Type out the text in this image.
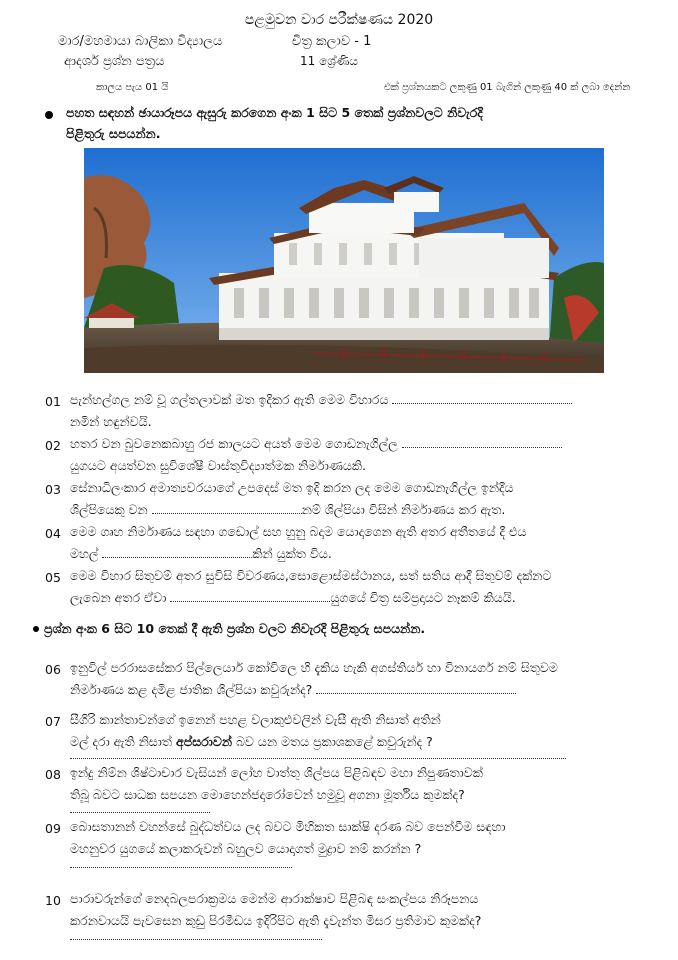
පළමුවන වාර පරීක්ෂණය 2020
මාර/මහමායා බාලිකා විද්‍යාලය	චිත්‍ර කලාව - 1
ආදර්ශ ප්‍රශ්න පත්‍රය	11 ශ්‍රේණිය
කාලය පැය 01 යි	එක් ප්‍රශ්නයකට ලකුණු 01 බැගින් ලකුණු 40 ක් ලබා දෙන්න
පහත සඳහන් ඡායාරූපය ඇසුරු කරගෙන අංක 1 සිට 5 තෙක් ප්‍රශ්නවලට නිවැරදි
පිළිතුරු සපයන්න.
01 පැන්හල්ගල නම් වූ ගල්තලාවක් මත ඉදිකර ඇති මෙම විහාරය
නමින් හඳුන්වයි.
02 හතර වන බුවනෙකබාහු රජ කාලයට අයත් මෙම ගොඩනැගිල්ල
යුගයට අයත්වන සුවිශේෂී වාස්තුවිද්‍යාත්මක නිර්මාණයකි.
03 සේනාධිලංකාර අමාත්‍යවරයාගේ උපදෙස් මත ඉදි කරන ලද මෙම ගොඩනැගිල්ල ඉන්දීය
ශිල්පියෙකු වන	නම් ශිල්පියා විසින් නිර්මාණය කර ඇත.
04 මෙම ගෘහ නිර්මාණය සඳහා ගඩොල් සහ හුනු බදාම යොදාගෙන ඇති අතර අතීතයේ දී එය
මහල්	කින් යුක්ත විය.
05 මෙම විහාර සිතුවම් අතර සුවිසි විවරණය,සොළොස්මස්ථානය, සත් සතිය ආදී සිතුවම් දක්නට
ලැබෙන අතර ඒවා	යුගයේ චිත්‍ර සම්ප්‍රදායට නෑකම් කියයි.
ප්‍රශ්න අංක 6 සිට 10 තෙක් දී ඇති ප්‍රශ්න වලට නිවැරදි පිළිතුරු සපයන්න.
06 ඉනුවිල් පරරාසසේකර පිල්ලෙයාර් කෝවිලෙ හි දැකිය හැකි අගස්තියර් හා විනායගර් නම් සිතුවම
නිර්මාණය කළ දමිළ ජාතික ශිල්පියා කවුරුන්ද?
07 සීගිරි කාන්තාවන්ගේ ඉනෙන් පහළ වලාකුළුවලින් වැසී ඇති නිසාත් අතින්
මල් දරා ඇති නිසාත් අප්සරාවන් බව යන මතය ප්‍රකාශකළේ කවුරුන්ද ?
08 ඉන්දු නිම්න ශිෂ්ටාචාර වැසියන් ලෝහ වාත්තු ශිල්පය පිළිබඳව මහා නිපුණතාවක්
තිබූ බවට සාධක සපයන මොහෙන්ජදාරෝවෙන් හමුවූ අගනා මූර්තිය කුමක්ද?
09 බොසතානන් වහන්සේ බුද්ධත්වය ලද බවට මිහිකත සාක්ෂි දරණ බව පෙන්වීම සඳහා
මහනුවර යුගයේ කලාකරුවන් බහුලව යොදාගත් මුද්‍රාව නම් කරන්න ?
10 පාරාවරුන්ගේ නෙදබලපරාක්‍රමය මෙන්ම ආරාක්ෂාව පිළිබඳ සංකල්පය නිරූපනය
කරනවායයි පැවසෙන කුඩු පිරමීඩය ඉදිරිපිට ඇති දැවැන්ත මිසර ප්‍රතිමාව කුමක්ද?
